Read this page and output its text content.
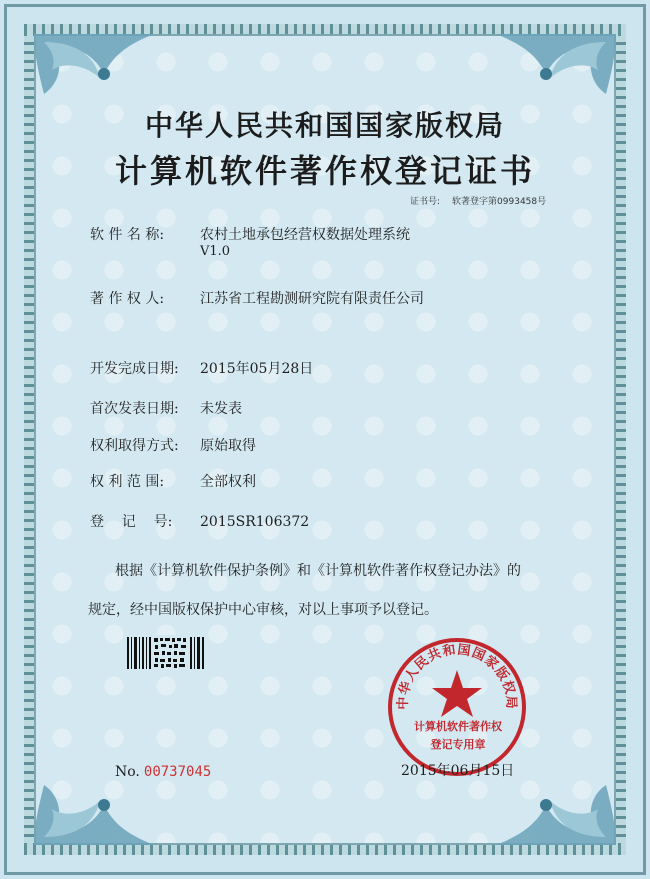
中华人民共和国国家版权局
计算机软件著作权登记证书
证书号: 软著登字第0993458号
软 件 名 称:	农村土地承包经营权数据处理系统
V1.0
著 作 权 人:	江苏省工程勘测研究院有限责任公司
开发完成日期: 2015年05月28日
首次发表日期: 未发表
权利取得方式: 原始取得
权 利 范 围:	全部权利
登    记    号: 2015SR106372
根据《计算机软件保护条例》和《计算机软件著作权登记办法》的
规定，经中国版权保护中心审核，对以上事项予以登记。
中华人民共和国国家版权局
计算机软件著作权
登记专用章
No. 00737045	2015年06月15日
